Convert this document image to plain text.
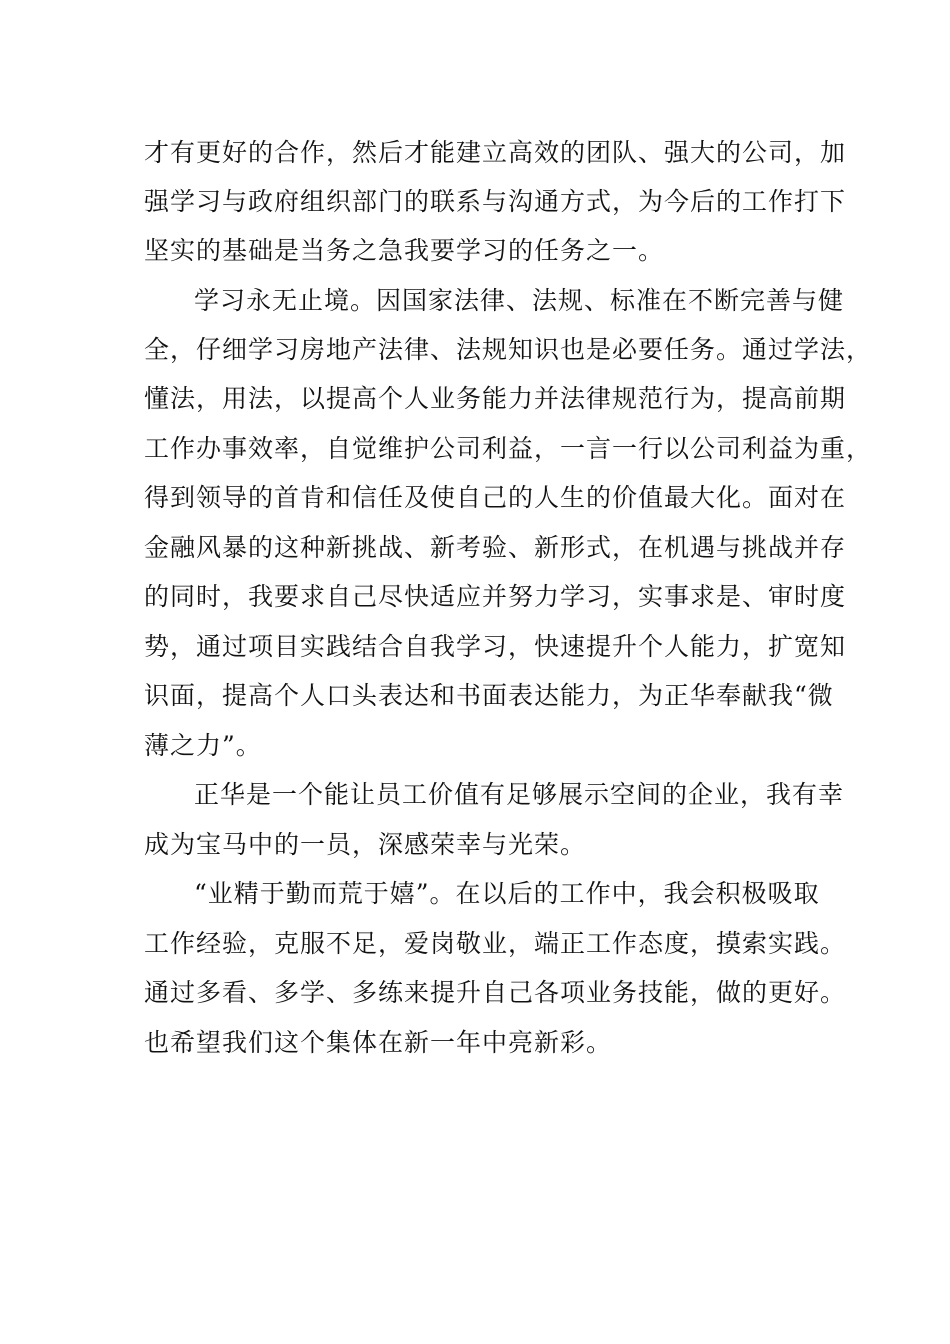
才有更好的合作，然后才能建立高效的团队、强大的公司，加
强学习与政府组织部门的联系与沟通方式，为今后的工作打下
坚实的基础是当务之急我要学习的任务之一。
学习永无止境。因国家法律、法规、标准在不断完善与健
全，仔细学习房地产法律、法规知识也是必要任务。通过学法，
懂法，用法，以提高个人业务能力并法律规范行为，提高前期
工作办事效率，自觉维护公司利益，一言一行以公司利益为重，
得到领导的首肯和信任及使自己的人生的价值最大化。面对在
金融风暴的这种新挑战、新考验、新形式，在机遇与挑战并存
的同时，我要求自己尽快适应并努力学习，实事求是、审时度
势，通过项目实践结合自我学习，快速提升个人能力，扩宽知
识面，提高个人口头表达和书面表达能力，为正华奉献我“微
薄之力”。
正华是一个能让员工价值有足够展示空间的企业，我有幸
成为宝马中的一员，深感荣幸与光荣。
“业精于勤而荒于嬉”。在以后的工作中，我会积极吸取
工作经验，克服不足，爱岗敬业，端正工作态度，摸索实践。
通过多看、多学、多练来提升自己各项业务技能，做的更好。
也希望我们这个集体在新一年中亮新彩。
